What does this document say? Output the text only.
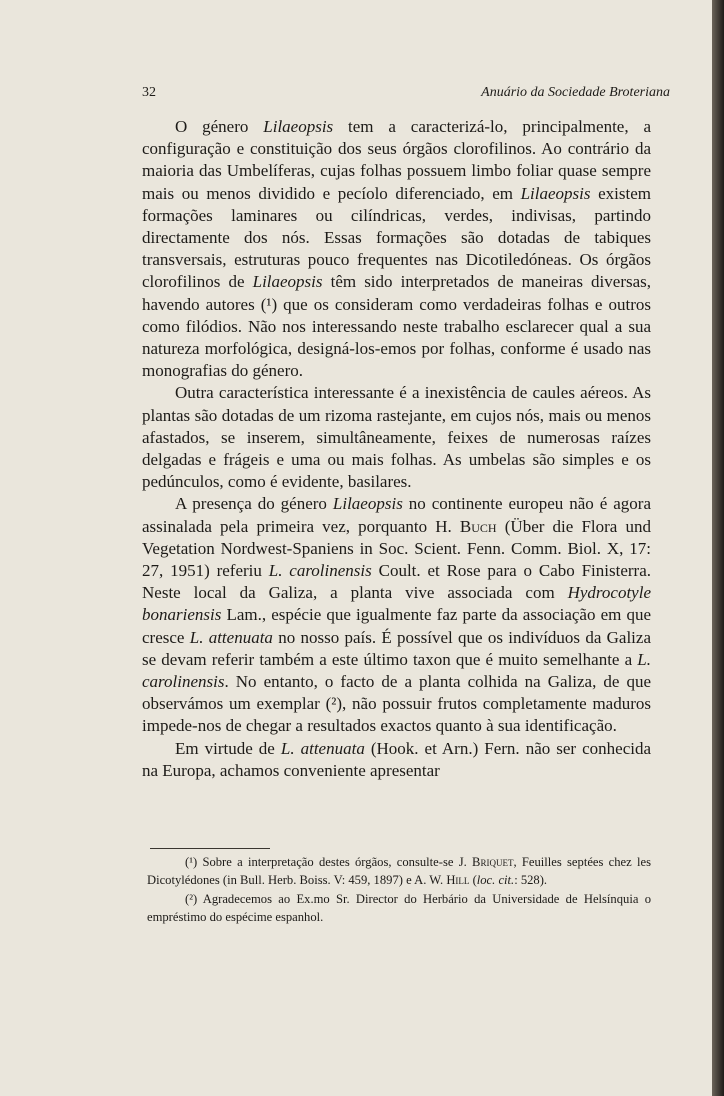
32	Anuário da Sociedade Broteriana

O género Lilaeopsis tem a caracterizá-lo, principalmente, a configuração e constituição dos seus órgãos clorofilinos. Ao contrário da maioria das Umbelíferas, cujas folhas possuem limbo foliar quase sempre mais ou menos dividido e pecíolo diferenciado, em Lilaeopsis existem formações laminares ou cilíndricas, verdes, indivisas, partindo directamente dos nós. Essas formações são dotadas de tabiques transversais, estruturas pouco frequentes nas Dicotiledóneas. Os órgãos clorofilinos de Lilaeopsis têm sido interpretados de maneiras diversas, havendo autores (¹) que os consideram como verdadeiras folhas e outros como filódios. Não nos interessando neste trabalho esclarecer qual a sua natureza morfológica, designá-los-emos por folhas, conforme é usado nas monografias do género.

Outra característica interessante é a inexistência de caules aéreos. As plantas são dotadas de um rizoma rastejante, em cujos nós, mais ou menos afastados, se inserem, simultâneamente, feixes de numerosas raízes delgadas e frágeis e uma ou mais folhas. As umbelas são simples e os pedúnculos, como é evidente, basilares.

A presença do género Lilaeopsis no continente europeu não é agora assinalada pela primeira vez, porquanto H. Buch (Über die Flora und Vegetation Nordwest-Spaniens in Soc. Scient. Fenn. Comm. Biol. X, 17: 27, 1951) referiu L. carolinensis Coult. et Rose para o Cabo Finisterra. Neste local da Galiza, a planta vive associada com Hydrocotyle bonariensis Lam., espécie que igualmente faz parte da associação em que cresce L. attenuata no nosso país. É possível que os indivíduos da Galiza se devam referir também a este último taxon que é muito semelhante a L. carolinensis. No entanto, o facto de a planta colhida na Galiza, de que observámos um exemplar (²), não possuir frutos completamente maduros impede-nos de chegar a resultados exactos quanto à sua identificação.

Em virtude de L. attenuata (Hook. et Arn.) Fern. não ser conhecida na Europa, achamos conveniente apresentar

(¹) Sobre a interpretação destes órgãos, consulte-se J. Briquet, Feuilles septées chez les Dicotylédones (in Bull. Herb. Boiss. V: 459, 1897) e A. W. Hill (loc. cit.: 528).

(²) Agradecemos ao Ex.mo Sr. Director do Herbário da Universidade de Helsínquia o empréstimo do espécime espanhol.
